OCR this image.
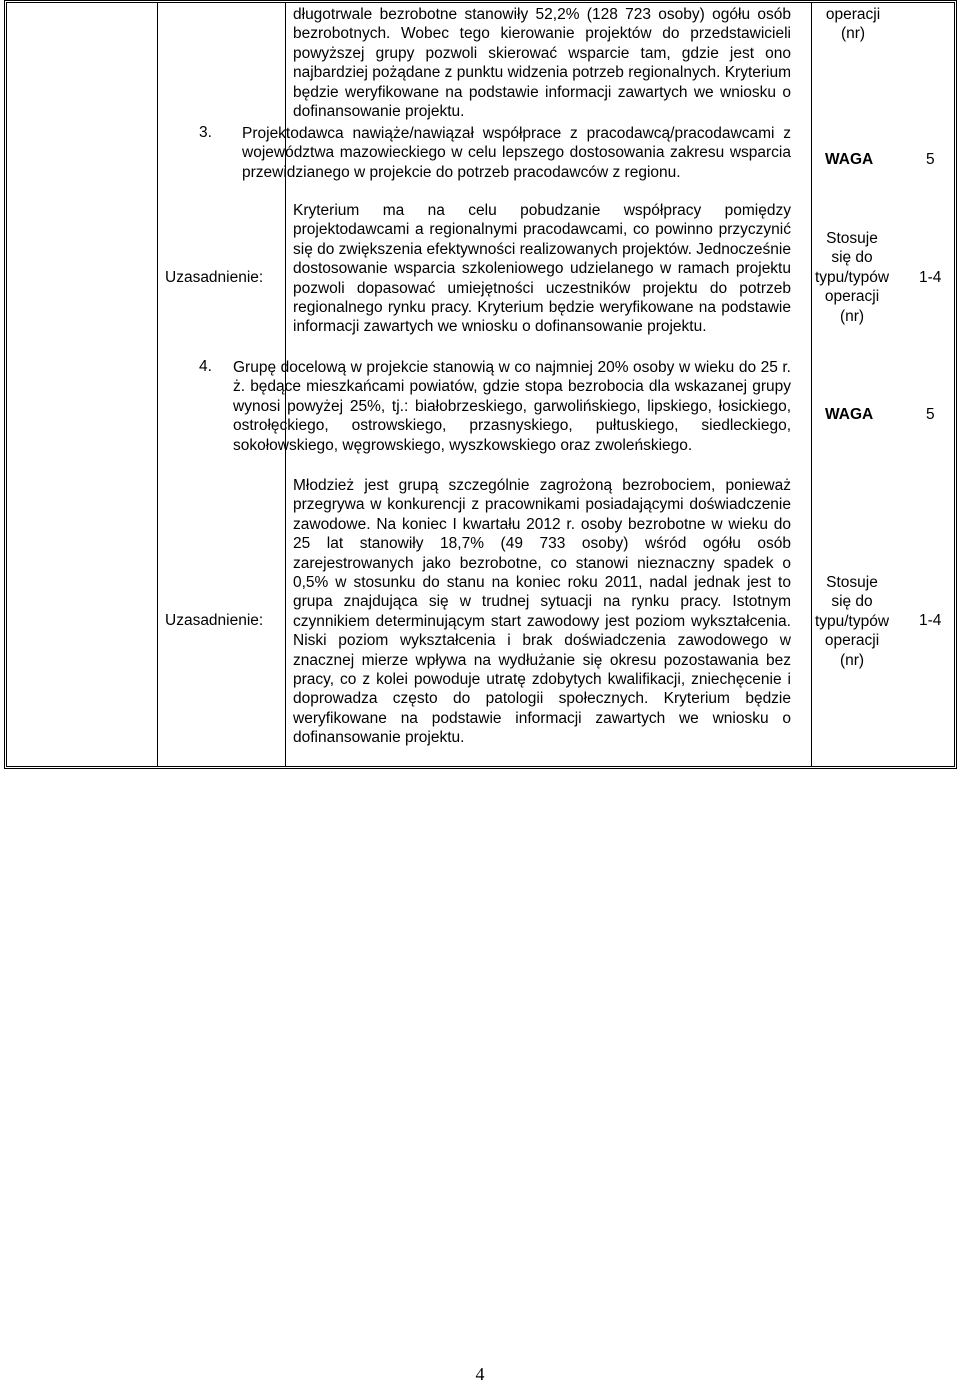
długotrwale bezrobotne stanowiły 52,2% (128 723 osoby) ogółu osób bezrobotnych. Wobec tego kierowanie projektów do przedstawicieli powyższej grupy pozwoli skierować wsparcie tam, gdzie jest ono najbardziej pożądane z punktu widzenia potrzeb regionalnych. Kryterium będzie weryfikowane na podstawie informacji zawartych we wniosku o dofinansowanie projektu.
operacji
(nr)
3. Projektodawca nawiąże/nawiązał współprace z pracodawcą/pracodawcami z województwa mazowieckiego w celu lepszego dostosowania zakresu wsparcia przewidzianego w projekcie do potrzeb pracodawców z regionu.
WAGA	5
Uzasadnienie:
Kryterium ma na celu pobudzanie współpracy pomiędzy projektodawcami a regionalnymi pracodawcami, co powinno przyczynić się do zwiększenia efektywności realizowanych projektów. Jednocześnie dostosowanie wsparcia szkoleniowego udzielanego w ramach projektu pozwoli dopasować umiejętności uczestników projektu do potrzeb regionalnego rynku pracy. Kryterium będzie weryfikowane na podstawie informacji zawartych we wniosku o dofinansowanie projektu.
Stosuje
się do
typu/typów
operacji
(nr)
1-4
4. Grupę docelową w projekcie stanowią w co najmniej 20% osoby w wieku do 25 r. ż. będące mieszkańcami powiatów, gdzie stopa bezrobocia dla wskazanej grupy wynosi powyżej 25%, tj.: białobrzeskiego, garwolińskiego, lipskiego, łosickiego, ostrołęckiego, ostrowskiego, przasnyskiego, pułtuskiego, siedleckiego, sokołowskiego, węgrowskiego, wyszkowskiego oraz zwoleńskiego.
WAGA	5
Uzasadnienie:
Młodzież jest grupą szczególnie zagrożoną bezrobociem, ponieważ przegrywa w konkurencji z pracownikami posiadającymi doświadczenie zawodowe. Na koniec I kwartału 2012 r. osoby bezrobotne w wieku do 25 lat stanowiły 18,7% (49 733 osoby) wśród ogółu osób zarejestrowanych jako bezrobotne, co stanowi nieznaczny spadek o 0,5% w stosunku do stanu na koniec roku 2011, nadal jednak jest to grupa znajdująca się w trudnej sytuacji na rynku pracy. Istotnym czynnikiem determinującym start zawodowy jest poziom wykształcenia. Niski poziom wykształcenia i brak doświadczenia zawodowego w znacznej mierze wpływa na wydłużanie się okresu pozostawania bez pracy, co z kolei powoduje utratę zdobytych kwalifikacji, zniechęcenie i doprowadza często do patologii społecznych. Kryterium będzie weryfikowane na podstawie informacji zawartych we wniosku o dofinansowanie projektu.
Stosuje
się do
typu/typów
operacji
(nr)
1-4
4
